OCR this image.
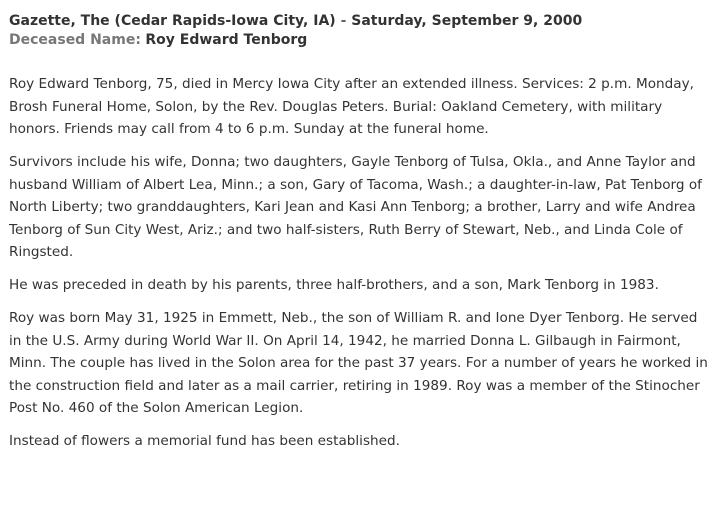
Gazette, The (Cedar Rapids-Iowa City, IA) - Saturday, September 9, 2000

Deceased Name: Roy Edward Tenborg

Roy Edward Tenborg, 75, died in Mercy Iowa City after an extended illness. Services: 2 p.m. Monday, Brosh Funeral Home, Solon, by the Rev. Douglas Peters. Burial: Oakland Cemetery, with military honors. Friends may call from 4 to 6 p.m. Sunday at the funeral home.

Survivors include his wife, Donna; two daughters, Gayle Tenborg of Tulsa, Okla., and Anne Taylor and husband William of Albert Lea, Minn.; a son, Gary of Tacoma, Wash.; a daughter-in-law, Pat Tenborg of North Liberty; two granddaughters, Kari Jean and Kasi Ann Tenborg; a brother, Larry and wife Andrea Tenborg of Sun City West, Ariz.; and two half-sisters, Ruth Berry of Stewart, Neb., and Linda Cole of Ringsted.

He was preceded in death by his parents, three half-brothers, and a son, Mark Tenborg in 1983.

Roy was born May 31, 1925 in Emmett, Neb., the son of William R. and Ione Dyer Tenborg. He served in the U.S. Army during World War II. On April 14, 1942, he married Donna L. Gilbaugh in Fairmont, Minn. The couple has lived in the Solon area for the past 37 years. For a number of years he worked in the construction field and later as a mail carrier, retiring in 1989. Roy was a member of the Stinocher Post No. 460 of the Solon American Legion.

Instead of flowers a memorial fund has been established.
